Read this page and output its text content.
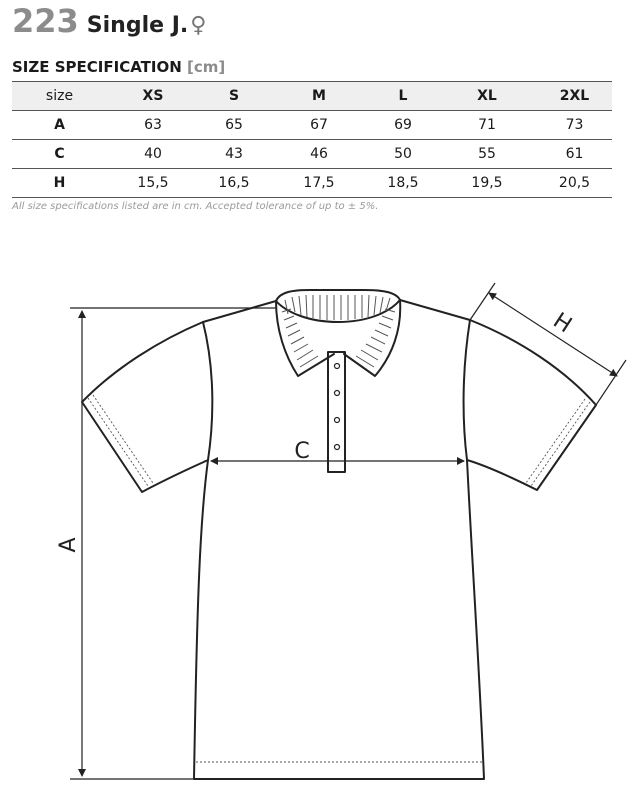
223 Single J. ♀
SIZE SPECIFICATION [cm]
size	XS	S	M	L	XL	2XL
A	63	65	67	69	71	73
C	40	43	46	50	55	61
H	15,5	16,5	17,5	18,5	19,5	20,5
All size specifications listed are in cm. Accepted tolerance of up to ± 5%.
A
C
H
